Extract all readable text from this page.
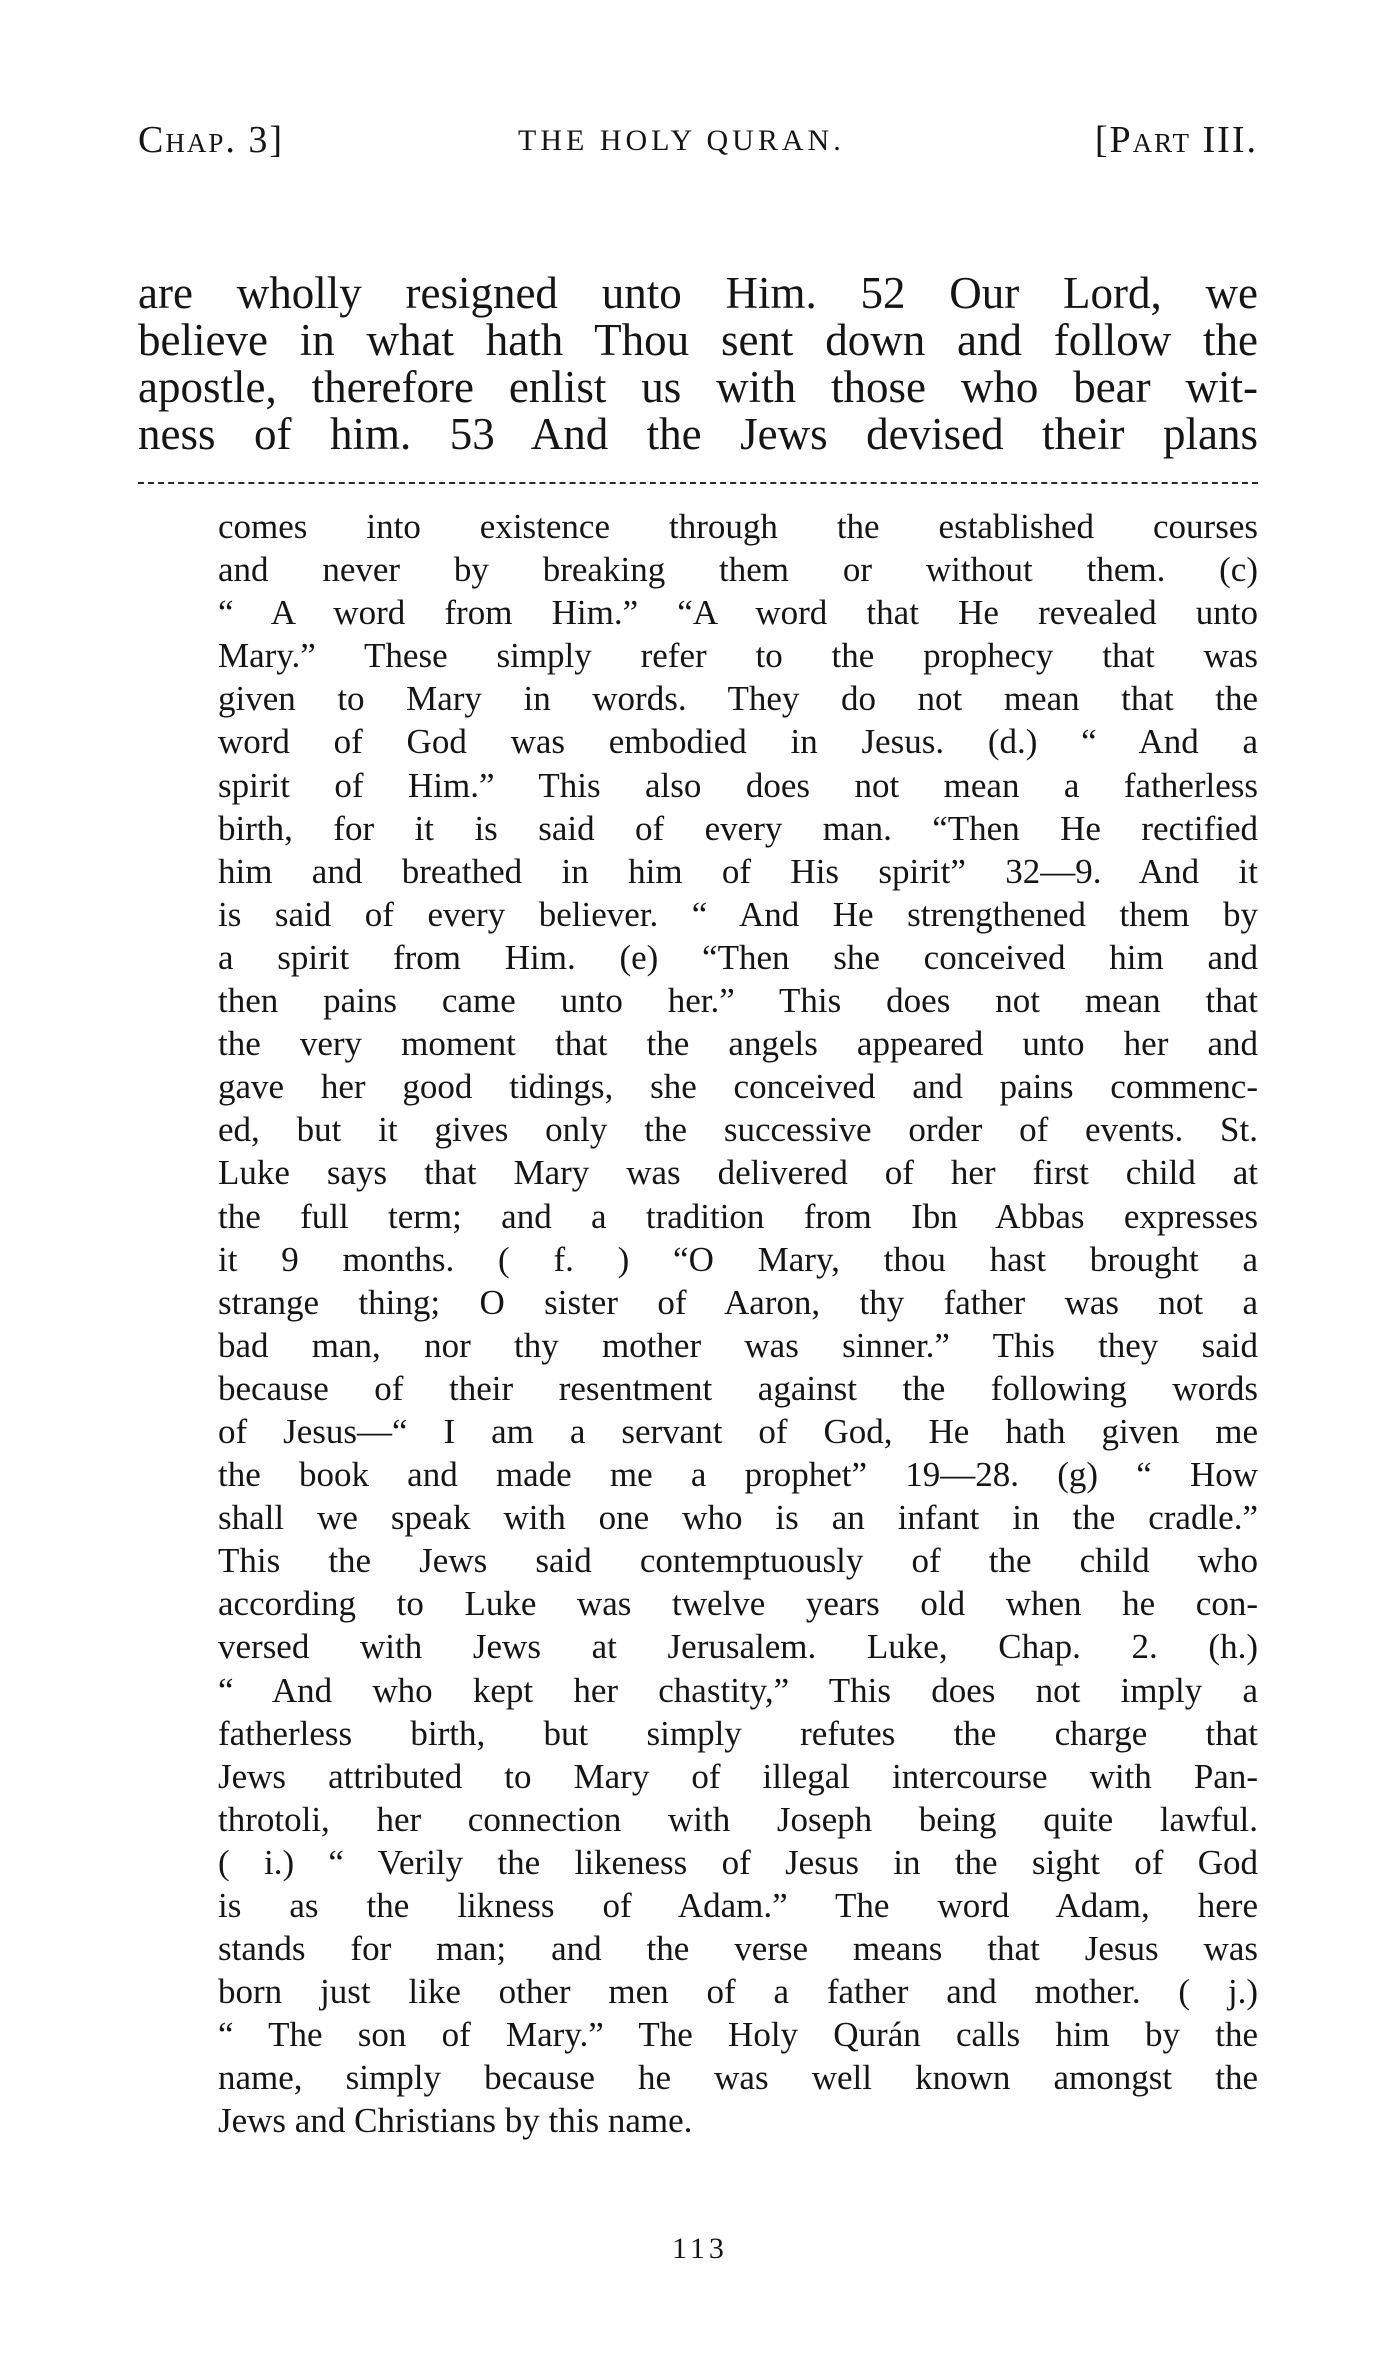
Chap. 3]	THE HOLY QURAN.	[Part III.
are wholly resigned unto Him. 52 Our Lord, we
believe in what hath Thou sent down and follow the
apostle, therefore enlist us with those who bear wit-
ness of him. 53 And the Jews devised their plans
comes into existence through the established courses
and never by breaking them or without them. (c)
“ A word from Him.” “A word that He revealed unto
Mary.” These simply refer to the prophecy that was
given to Mary in words. They do not mean that the
word of God was embodied in Jesus. (d.) “ And a
spirit of Him.” This also does not mean a fatherless
birth, for it is said of every man. “Then He rectified
him and breathed in him of His spirit” 32—9. And it
is said of every believer. “ And He strengthened them by
a spirit from Him. (e) “Then she conceived him and
then pains came unto her.” This does not mean that
the very moment that the angels appeared unto her and
gave her good tidings, she conceived and pains commenc-
ed, but it gives only the successive order of events. St.
Luke says that Mary was delivered of her first child at
the full term; and a tradition from Ibn Abbas expresses
it 9 months. ( f. ) “O Mary, thou hast brought a
strange thing; O sister of Aaron, thy father was not a
bad man, nor thy mother was sinner.” This they said
because of their resentment against the following words
of Jesus—“ I am a servant of God, He hath given me
the book and made me a prophet” 19—28. (g) “ How
shall we speak with one who is an infant in the cradle.”
This the Jews said contemptuously of the child who
according to Luke was twelve years old when he con-
versed with Jews at Jerusalem. Luke, Chap. 2. (h.)
“ And who kept her chastity,” This does not imply a
fatherless birth, but simply refutes the charge that
Jews attributed to Mary of illegal intercourse with Pan-
throtoli, her connection with Joseph being quite lawful.
( i.) “ Verily the likeness of Jesus in the sight of God
is as the likness of Adam.” The word Adam, here
stands for man; and the verse means that Jesus was
born just like other men of a father and mother. ( j.)
“ The son of Mary.” The Holy Qurán calls him by the
name, simply because he was well known amongst the
Jews and Christians by this name.
113
